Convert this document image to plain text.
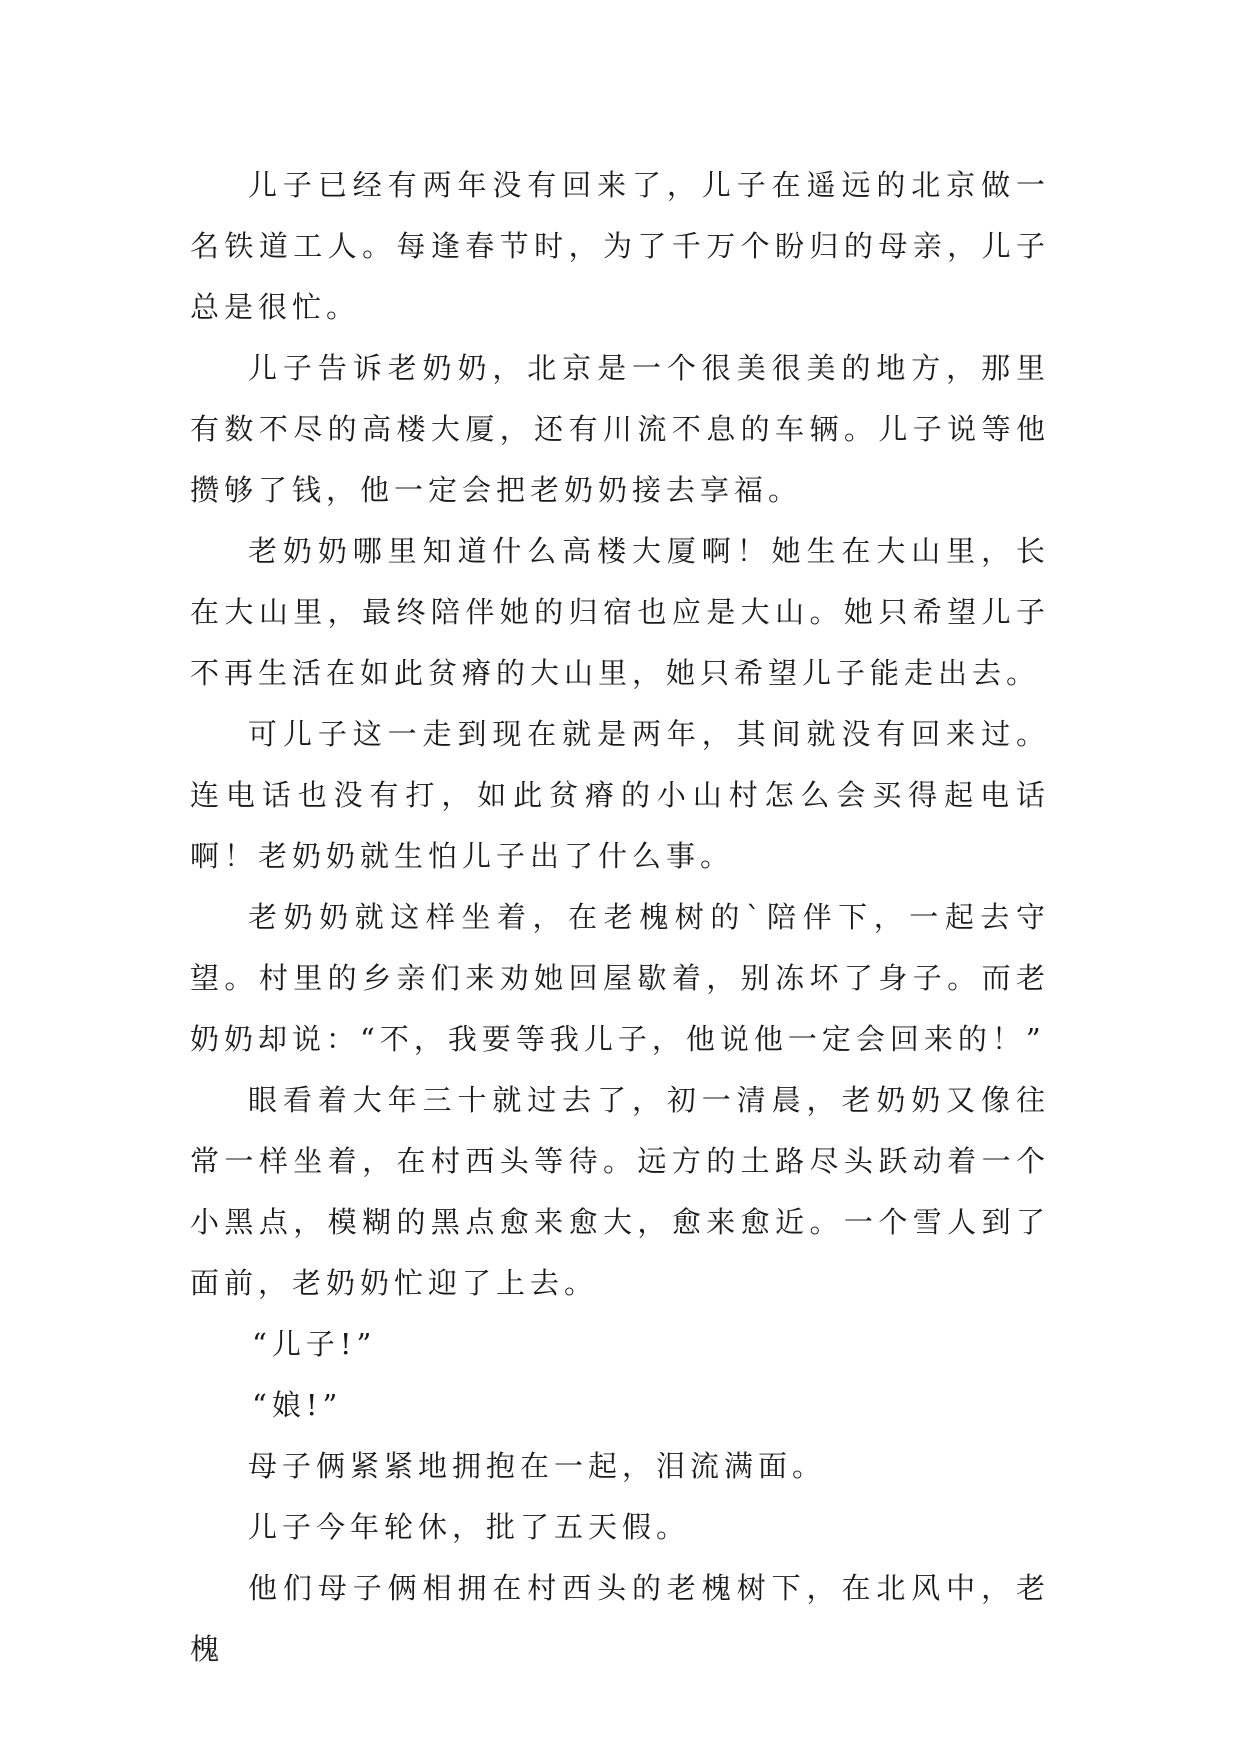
儿子已经有两年没有回来了，儿子在遥远的北京做一名铁道工人。每逢春节时，为了千万个盼归的母亲，儿子总是很忙。

儿子告诉老奶奶，北京是一个很美很美的地方，那里有数不尽的高楼大厦，还有川流不息的车辆。儿子说等他攒够了钱，他一定会把老奶奶接去享福。

老奶奶哪里知道什么高楼大厦啊！她生在大山里，长在大山里，最终陪伴她的归宿也应是大山。她只希望儿子不再生活在如此贫瘠的大山里，她只希望儿子能走出去。

可儿子这一走到现在就是两年，其间就没有回来过。连电话也没有打，如此贫瘠的小山村怎么会买得起电话啊！老奶奶就生怕儿子出了什么事。

老奶奶就这样坐着，在老槐树的`陪伴下，一起去守望。村里的乡亲们来劝她回屋歇着，别冻坏了身子。而老奶奶却说：“不，我要等我儿子，他说他一定会回来的！”

眼看着大年三十就过去了，初一清晨，老奶奶又像往常一样坐着，在村西头等待。远方的土路尽头跃动着一个小黑点，模糊的黑点愈来愈大，愈来愈近。一个雪人到了面前，老奶奶忙迎了上去。

“儿子!”

“娘!”

母子俩紧紧地拥抱在一起，泪流满面。

儿子今年轮休，批了五天假。

他们母子俩相拥在村西头的老槐树下，在北风中，老槐
